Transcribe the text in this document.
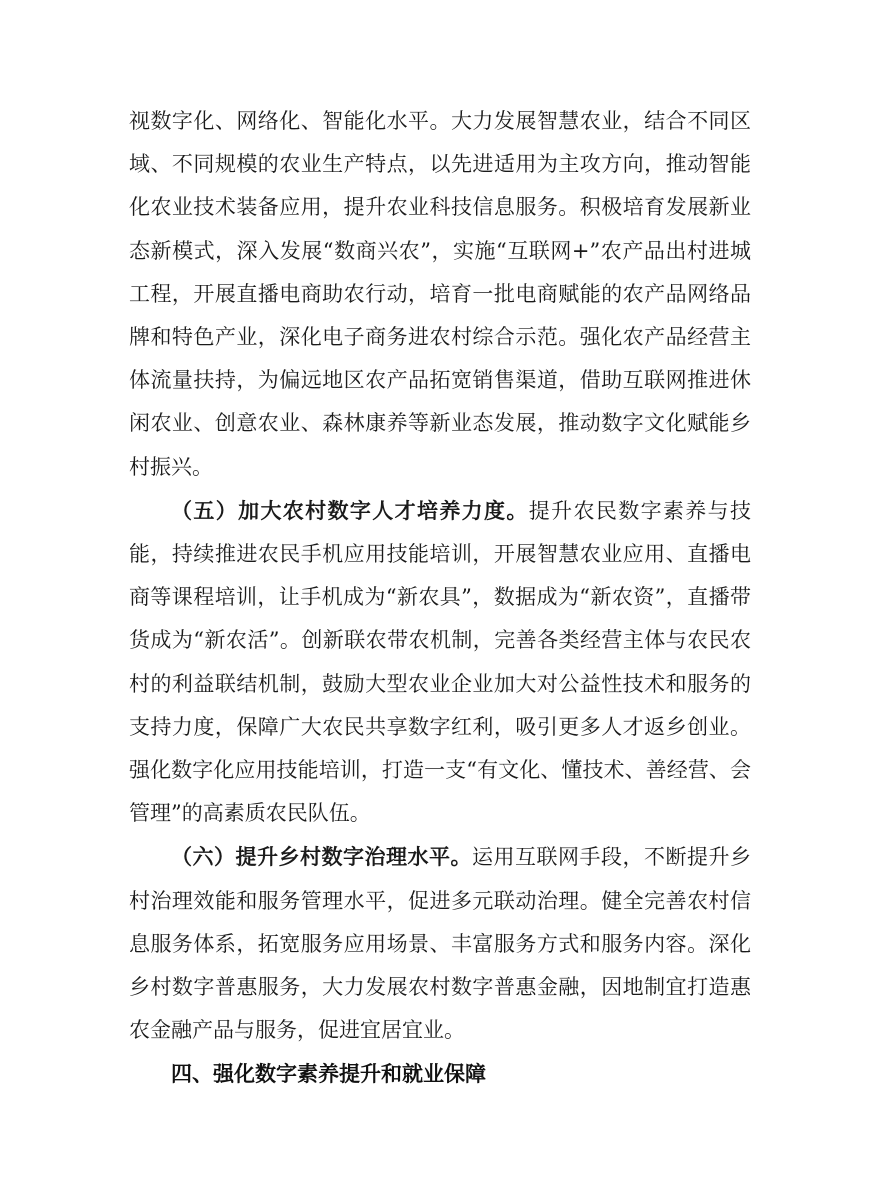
视数字化、网络化、智能化水平。大力发展智慧农业，结合不同区域、不同规模的农业生产特点，以先进适用为主攻方向，推动智能化农业技术装备应用，提升农业科技信息服务。积极培育发展新业态新模式，深入发展“数商兴农”，实施“互联网+”农产品出村进城工程，开展直播电商助农行动，培育一批电商赋能的农产品网络品牌和特色产业，深化电子商务进农村综合示范。强化农产品经营主体流量扶持，为偏远地区农产品拓宽销售渠道，借助互联网推进休闲农业、创意农业、森林康养等新业态发展，推动数字文化赋能乡村振兴。

（五）加大农村数字人才培养力度。提升农民数字素养与技能，持续推进农民手机应用技能培训，开展智慧农业应用、直播电商等课程培训，让手机成为“新农具”，数据成为“新农资”，直播带货成为“新农活”。创新联农带农机制，完善各类经营主体与农民农村的利益联结机制，鼓励大型农业企业加大对公益性技术和服务的支持力度，保障广大农民共享数字红利，吸引更多人才返乡创业。强化数字化应用技能培训，打造一支“有文化、懂技术、善经营、会管理”的高素质农民队伍。

（六）提升乡村数字治理水平。运用互联网手段，不断提升乡村治理效能和服务管理水平，促进多元联动治理。健全完善农村信息服务体系，拓宽服务应用场景、丰富服务方式和服务内容。深化乡村数字普惠服务，大力发展农村数字普惠金融，因地制宜打造惠农金融产品与服务，促进宜居宜业。

四、强化数字素养提升和就业保障
